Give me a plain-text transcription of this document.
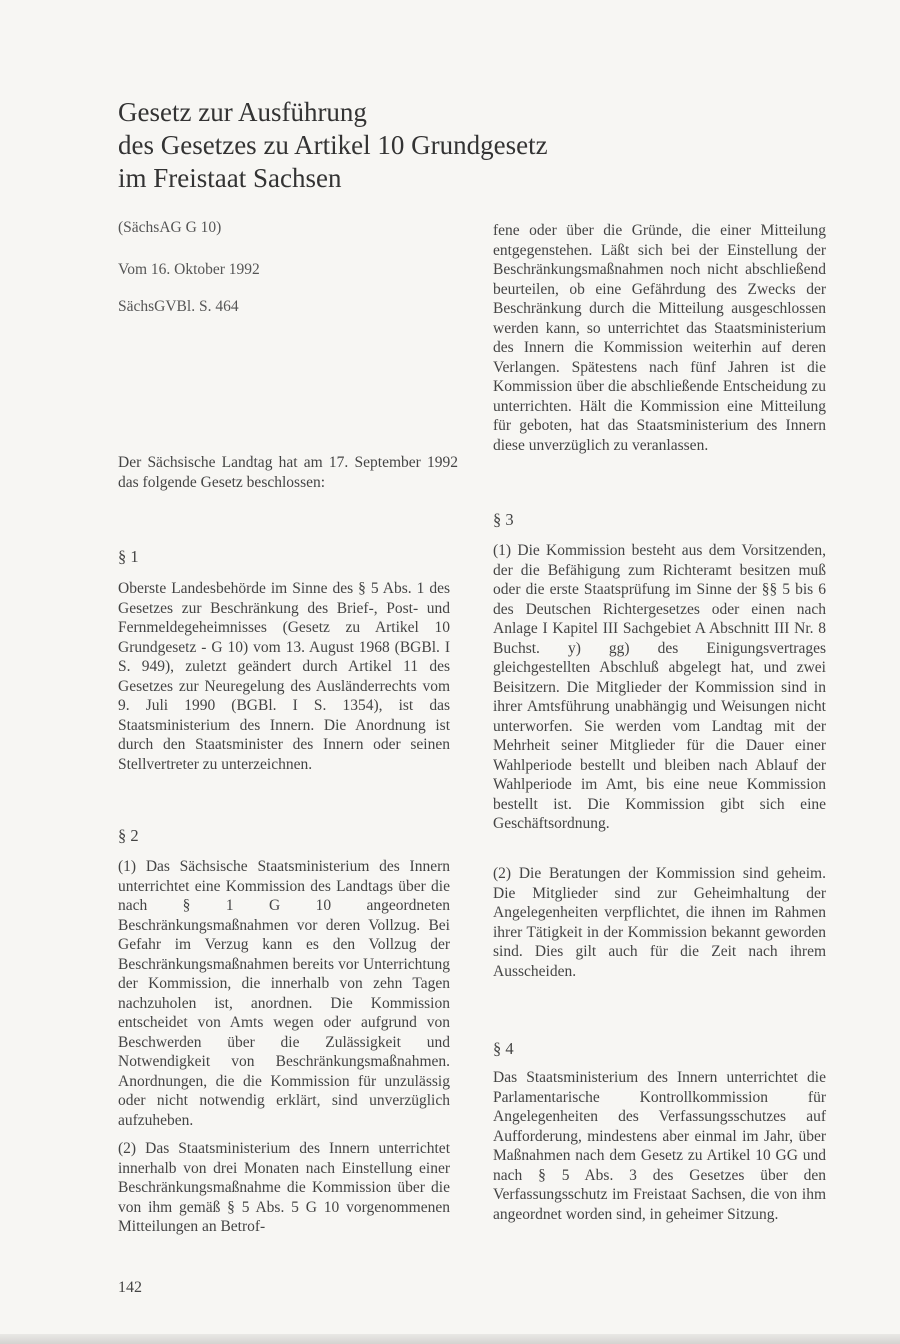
Gesetz zur Ausführung
des Gesetzes zu Artikel 10 Grundgesetz
im Freistaat Sachsen

(SächsAG G 10)

Vom 16. Oktober 1992

SächsGVBl. S. 464

Der Sächsische Landtag hat am 17. September 1992 das folgende Gesetz beschlossen:

§ 1

Oberste Landesbehörde im Sinne des § 5 Abs. 1 des Gesetzes zur Beschränkung des Brief-, Post- und Fernmeldegeheimnisses (Gesetz zu Artikel 10 Grundgesetz - G 10) vom 13. August 1968 (BGBl. I S. 949), zuletzt geändert durch Artikel 11 des Gesetzes zur Neuregelung des Ausländerrechts vom 9. Juli 1990 (BGBl. I S. 1354), ist das Staatsministerium des Innern. Die Anordnung ist durch den Staatsminister des Innern oder seinen Stellvertreter zu unterzeichnen.

§ 2

(1) Das Sächsische Staatsministerium des Innern unterrichtet eine Kommission des Landtags über die nach § 1 G 10 angeordneten Beschränkungsmaßnahmen vor deren Vollzug. Bei Gefahr im Verzug kann es den Vollzug der Beschränkungsmaßnahmen bereits vor Unterrichtung der Kommission, die innerhalb von zehn Tagen nachzuholen ist, anordnen. Die Kommission entscheidet von Amts wegen oder aufgrund von Beschwerden über die Zulässigkeit und Notwendigkeit von Beschränkungsmaßnahmen. Anordnungen, die die Kommission für unzulässig oder nicht notwendig erklärt, sind unverzüglich aufzuheben.

(2) Das Staatsministerium des Innern unterrichtet innerhalb von drei Monaten nach Einstellung einer Beschränkungsmaßnahme die Kommission über die von ihm gemäß § 5 Abs. 5 G 10 vorgenommenen Mitteilungen an Betrof-

fene oder über die Gründe, die einer Mitteilung entgegenstehen. Läßt sich bei der Einstellung der Beschränkungsmaßnahmen noch nicht abschließend beurteilen, ob eine Gefährdung des Zwecks der Beschränkung durch die Mitteilung ausgeschlossen werden kann, so unterrichtet das Staatsministerium des Innern die Kommission weiterhin auf deren Verlangen. Spätestens nach fünf Jahren ist die Kommission über die abschließende Entscheidung zu unterrichten. Hält die Kommission eine Mitteilung für geboten, hat das Staatsministerium des Innern diese unverzüglich zu veranlassen.

§ 3

(1) Die Kommission besteht aus dem Vorsitzenden, der die Befähigung zum Richteramt besitzen muß oder die erste Staatsprüfung im Sinne der §§ 5 bis 6 des Deutschen Richtergesetzes oder einen nach Anlage I Kapitel III Sachgebiet A Abschnitt III Nr. 8 Buchst. y) gg) des Einigungsvertrages gleichgestellten Abschluß abgelegt hat, und zwei Beisitzern. Die Mitglieder der Kommission sind in ihrer Amtsführung unabhängig und Weisungen nicht unterworfen. Sie werden vom Landtag mit der Mehrheit seiner Mitglieder für die Dauer einer Wahlperiode bestellt und bleiben nach Ablauf der Wahlperiode im Amt, bis eine neue Kommission bestellt ist. Die Kommission gibt sich eine Geschäftsordnung.

(2) Die Beratungen der Kommission sind geheim. Die Mitglieder sind zur Geheimhaltung der Angelegenheiten verpflichtet, die ihnen im Rahmen ihrer Tätigkeit in der Kommission bekannt geworden sind. Dies gilt auch für die Zeit nach ihrem Ausscheiden.

§ 4

Das Staatsministerium des Innern unterrichtet die Parlamentarische Kontrollkommission für Angelegenheiten des Verfassungsschutzes auf Aufforderung, mindestens aber einmal im Jahr, über Maßnahmen nach dem Gesetz zu Artikel 10 GG und nach § 5 Abs. 3 des Gesetzes über den Verfassungsschutz im Freistaat Sachsen, die von ihm angeordnet worden sind, in geheimer Sitzung.

142
